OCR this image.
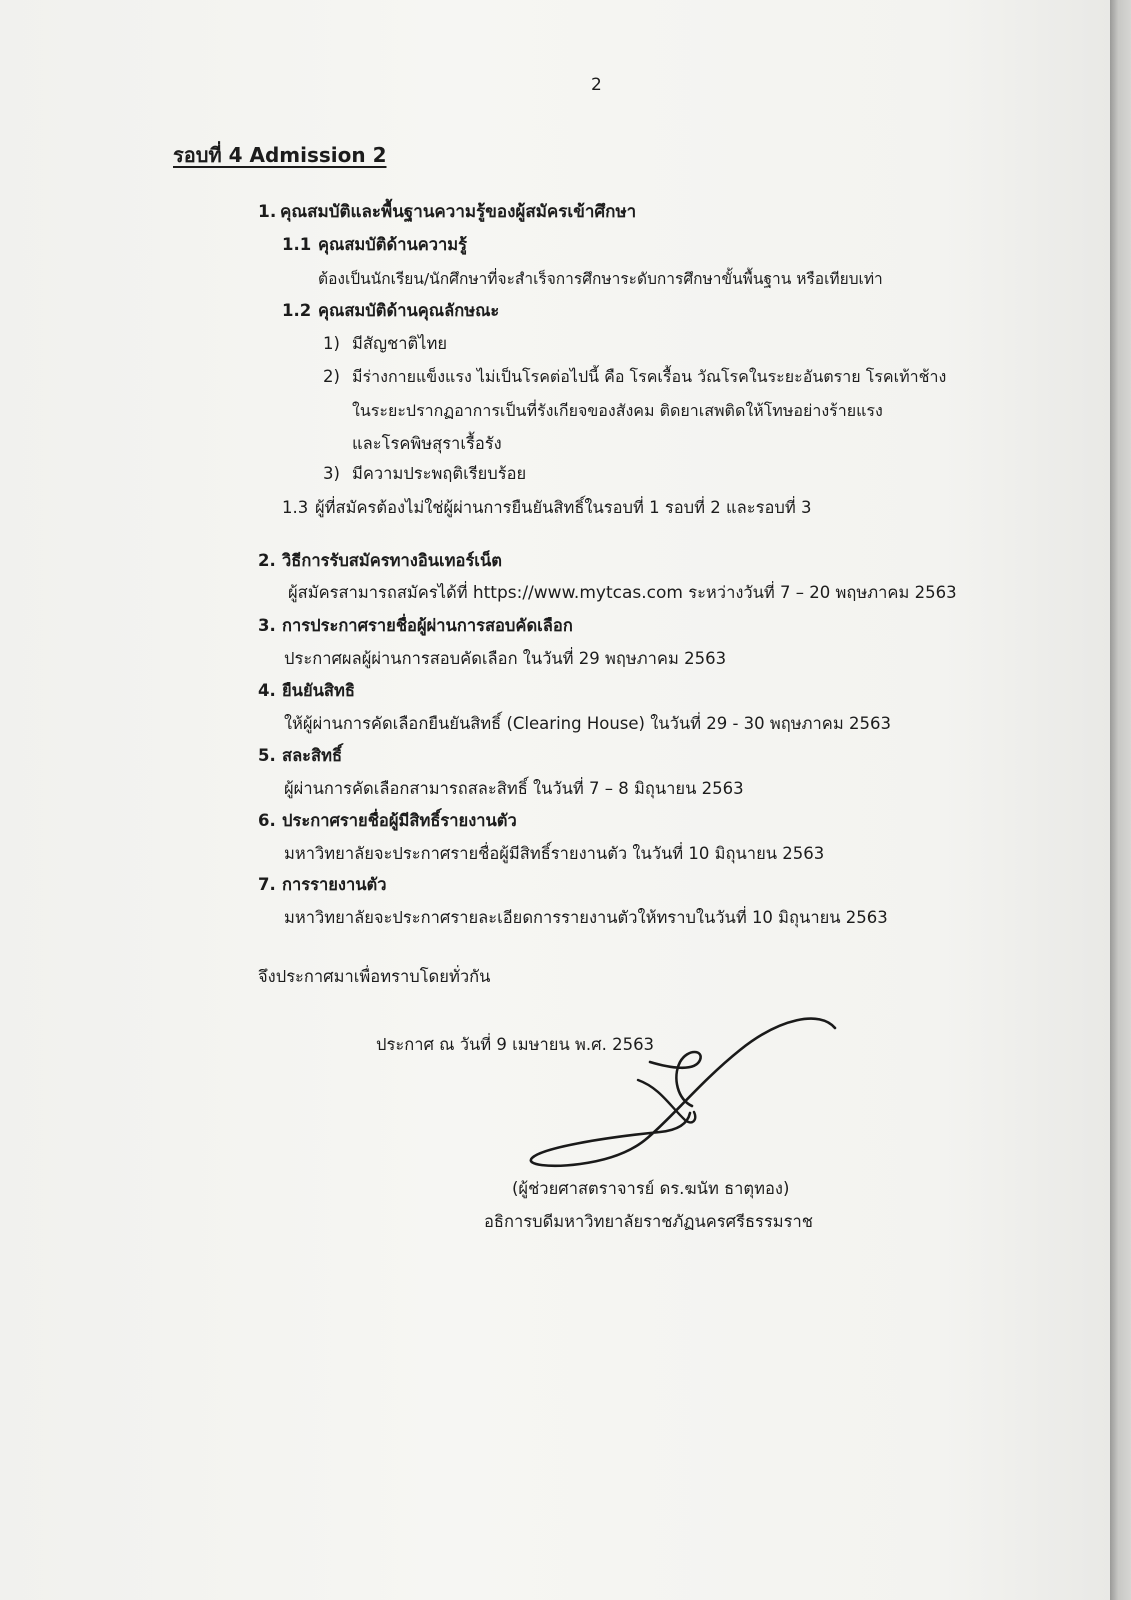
2
รอบที่ 4 Admission 2
1. คุณสมบัติและพื้นฐานความรู้ของผู้สมัครเข้าศึกษา
1.1 คุณสมบัติด้านความรู้
ต้องเป็นนักเรียน/นักศึกษาที่จะสำเร็จการศึกษาระดับการศึกษาขั้นพื้นฐาน หรือเทียบเท่า
1.2 คุณสมบัติด้านคุณลักษณะ
1) มีสัญชาติไทย
2) มีร่างกายแข็งแรง ไม่เป็นโรคต่อไปนี้ คือ โรคเรื้อน วัณโรคในระยะอันตราย โรคเท้าช้าง
ในระยะปรากฏอาการเป็นที่รังเกียจของสังคม ติดยาเสพติดให้โทษอย่างร้ายแรง
และโรคพิษสุราเรื้อรัง
3) มีความประพฤติเรียบร้อย
1.3 ผู้ที่สมัครต้องไม่ใช่ผู้ผ่านการยืนยันสิทธิ์ในรอบที่ 1 รอบที่ 2 และรอบที่ 3
2. วิธีการรับสมัครทางอินเทอร์เน็ต
ผู้สมัครสามารถสมัครได้ที่ https://www.mytcas.com ระหว่างวันที่ 7 – 20 พฤษภาคม 2563
3. การประกาศรายชื่อผู้ผ่านการสอบคัดเลือก
ประกาศผลผู้ผ่านการสอบคัดเลือก ในวันที่ 29 พฤษภาคม 2563
4. ยืนยันสิทธิ
ให้ผู้ผ่านการคัดเลือกยืนยันสิทธิ์ (Clearing House) ในวันที่ 29 - 30 พฤษภาคม 2563
5. สละสิทธิ์
ผู้ผ่านการคัดเลือกสามารถสละสิทธิ์ ในวันที่ 7 – 8 มิถุนายน 2563
6. ประกาศรายชื่อผู้มีสิทธิ์รายงานตัว
มหาวิทยาลัยจะประกาศรายชื่อผู้มีสิทธิ์รายงานตัว ในวันที่ 10 มิถุนายน 2563
7. การรายงานตัว
มหาวิทยาลัยจะประกาศรายละเอียดการรายงานตัวให้ทราบในวันที่ 10 มิถุนายน 2563
จึงประกาศมาเพื่อทราบโดยทั่วกัน
ประกาศ ณ วันที่ 9 เมษายน พ.ศ. 2563
(ผู้ช่วยศาสตราจารย์ ดร.ฆนัท ธาตุทอง)
อธิการบดีมหาวิทยาลัยราชภัฏนครศรีธรรมราช
